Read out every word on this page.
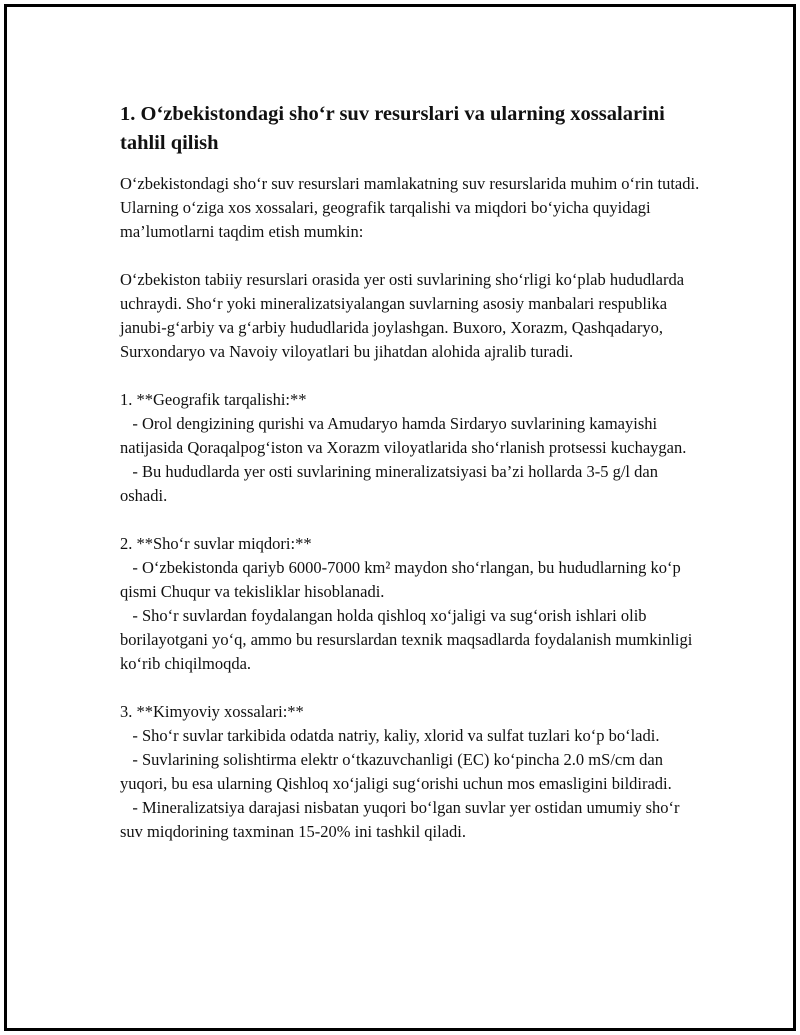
1. O‘zbekistondagi sho‘r suv resurslari va ularning xossalarini tahlil qilish

O‘zbekistondagi sho‘r suv resurslari mamlakatning suv resurslarida muhim o‘rin tutadi. Ularning o‘ziga xos xossalari, geografik tarqalishi va miqdori bo‘yicha quyidagi ma’lumotlarni taqdim etish mumkin:

O‘zbekiston tabiiy resurslari orasida yer osti suvlarining sho‘rligi ko‘plab hududlarda uchraydi. Sho‘r yoki mineralizatsiyalangan suvlarning asosiy manbalari respublika janubi-g‘arbiy va g‘arbiy hududlarida joylashgan. Buxoro, Xorazm, Qashqadaryo, Surxondaryo va Navoiy viloyatlari bu jihatdan alohida ajralib turadi.

1. **Geografik tarqalishi:**

- Orol dengizining qurishi va Amudaryo hamda Sirdaryo suvlarining kamayishi natijasida Qoraqalpog‘iston va Xorazm viloyatlarida sho‘rlanish protsessi kuchaygan.

- Bu hududlarda yer osti suvlarining mineralizatsiyasi ba’zi hollarda 3-5 g/l dan oshadi.

2. **Sho‘r suvlar miqdori:**

- O‘zbekistonda qariyb 6000-7000 km² maydon sho‘rlangan, bu hududlarning ko‘p qismi Chuqur va tekisliklar hisoblanadi.

- Sho‘r suvlardan foydalangan holda qishloq xo‘jaligi va sug‘orish ishlari olib borilayotgani yo‘q, ammo bu resurslardan texnik maqsadlarda foydalanish mumkinligi ko‘rib chiqilmoqda.

3. **Kimyoviy xossalari:**

- Sho‘r suvlar tarkibida odatda natriy, kaliy, xlorid va sulfat tuzlari ko‘p bo‘ladi.

- Suvlarining solishtirma elektr o‘tkazuvchanligi (EC) ko‘pincha 2.0 mS/cm dan yuqori, bu esa ularning Qishloq xo‘jaligi sug‘orishi uchun mos emasligini bildiradi.

- Mineralizatsiya darajasi nisbatan yuqori bo‘lgan suvlar yer ostidan umumiy sho‘r suv miqdorining taxminan 15-20% ini tashkil qiladi.
